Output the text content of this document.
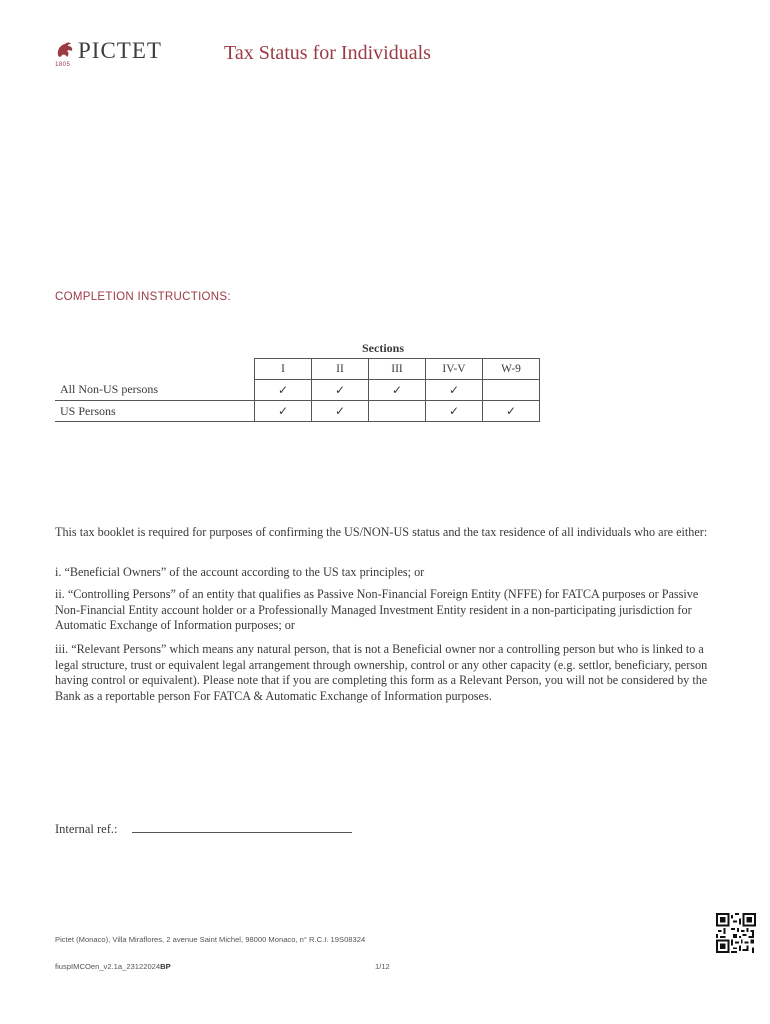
PICTET
1805
Tax Status for Individuals
COMPLETION INSTRUCTIONS:
Sections
	I	II	III	IV-V	W-9
All Non-US persons	✓	✓	✓	✓	
US Persons	✓	✓		✓	✓
This tax booklet is required for purposes of confirming the US/NON-US status and the tax residence of all individuals who are either:
i. “Beneficial Owners” of the account according to the US tax principles; or
ii. “Controlling Persons” of an entity that qualifies as Passive Non-Financial Foreign Entity (NFFE) for FATCA purposes or Passive Non-Financial Entity account holder or a Professionally Managed Investment Entity resident in a non-participating jurisdiction for Automatic Exchange of Information purposes; or
iii. “Relevant Persons” which means any natural person, that is not a Beneficial owner nor a controlling person but who is linked to a legal structure, trust or equivalent legal arrangement through ownership, control or any other capacity (e.g. settlor, beneficiary, person having control or equivalent). Please note that if you are completing this form as a Relevant Person, you will not be considered by the Bank as a reportable person For FATCA & Automatic Exchange of Information purposes.
Internal ref.:
Pictet (Monaco), Villa Miraflores, 2 avenue Saint Michel, 98000 Monaco, n° R.C.I. 19S08324
fiuspIMCOen_v2.1a_23122024BP	1/12
